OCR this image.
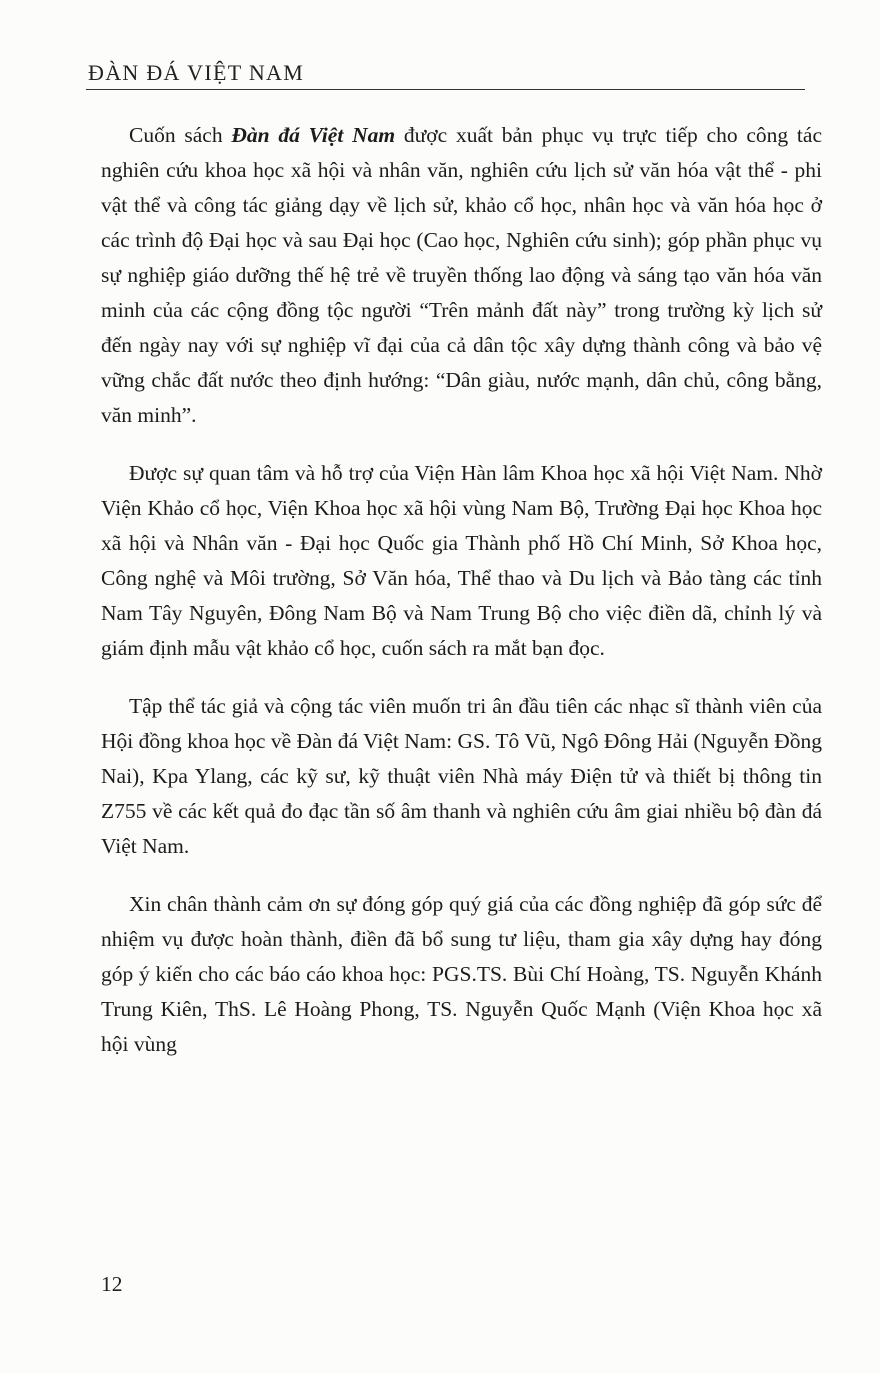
ĐÀN ĐÁ VIỆT NAM

Cuốn sách Đàn đá Việt Nam được xuất bản phục vụ trực tiếp cho công tác nghiên cứu khoa học xã hội và nhân văn, nghiên cứu lịch sử văn hóa vật thể - phi vật thể và công tác giảng dạy về lịch sử, khảo cổ học, nhân học và văn hóa học ở các trình độ Đại học và sau Đại học (Cao học, Nghiên cứu sinh); góp phần phục vụ sự nghiệp giáo dưỡng thế hệ trẻ về truyền thống lao động và sáng tạo văn hóa văn minh của các cộng đồng tộc người “Trên mảnh đất này” trong trường kỳ lịch sử đến ngày nay với sự nghiệp vĩ đại của cả dân tộc xây dựng thành công và bảo vệ vững chắc đất nước theo định hướng: “Dân giàu, nước mạnh, dân chủ, công bằng, văn minh”.

Được sự quan tâm và hỗ trợ của Viện Hàn lâm Khoa học xã hội Việt Nam. Nhờ Viện Khảo cổ học, Viện Khoa học xã hội vùng Nam Bộ, Trường Đại học Khoa học xã hội và Nhân văn - Đại học Quốc gia Thành phố Hồ Chí Minh, Sở Khoa học, Công nghệ và Môi trường, Sở Văn hóa, Thể thao và Du lịch và Bảo tàng các tỉnh Nam Tây Nguyên, Đông Nam Bộ và Nam Trung Bộ cho việc điền dã, chỉnh lý và giám định mẫu vật khảo cổ học, cuốn sách ra mắt bạn đọc.

Tập thể tác giả và cộng tác viên muốn tri ân đầu tiên các nhạc sĩ thành viên của Hội đồng khoa học về Đàn đá Việt Nam: GS. Tô Vũ, Ngô Đông Hải (Nguyễn Đồng Nai), Kpa Ylang, các kỹ sư, kỹ thuật viên Nhà máy Điện tử và thiết bị thông tin Z755 về các kết quả đo đạc tần số âm thanh và nghiên cứu âm giai nhiều bộ đàn đá Việt Nam.

Xin chân thành cảm ơn sự đóng góp quý giá của các đồng nghiệp đã góp sức để nhiệm vụ được hoàn thành, điền đã bổ sung tư liệu, tham gia xây dựng hay đóng góp ý kiến cho các báo cáo khoa học: PGS.TS. Bùi Chí Hoàng, TS. Nguyễn Khánh Trung Kiên, ThS. Lê Hoàng Phong, TS. Nguyễn Quốc Mạnh (Viện Khoa học xã hội vùng

12
